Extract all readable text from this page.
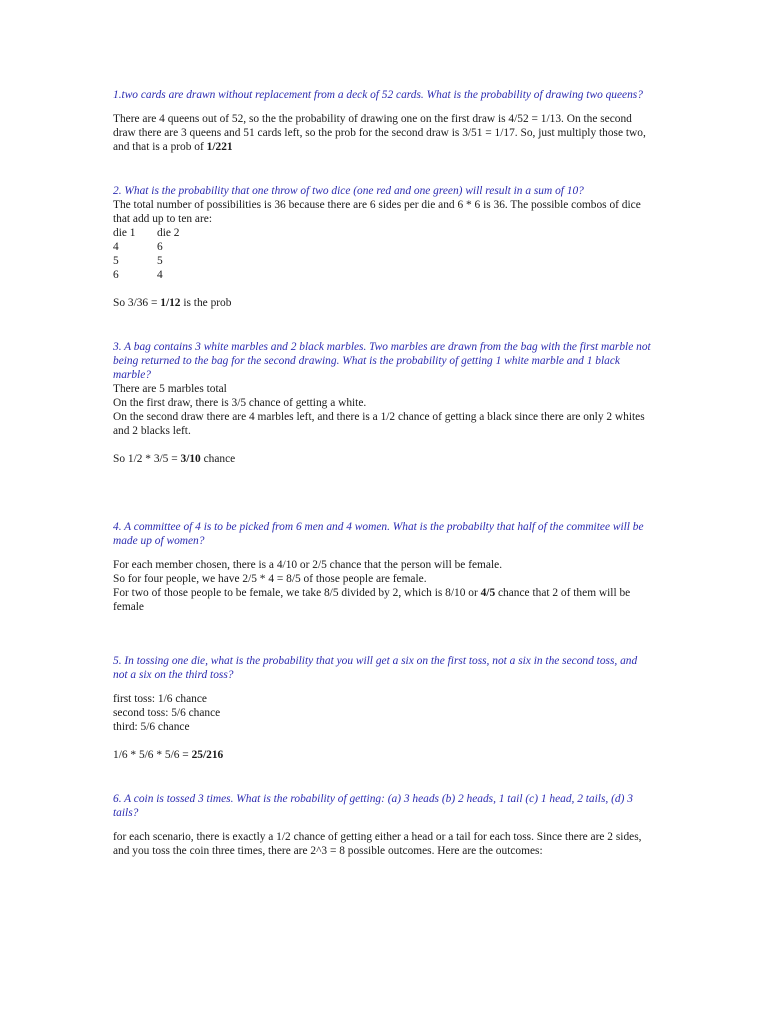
1.two cards are drawn without replacement from a deck of 52 cards. What is the probability of drawing two queens?

There are 4 queens out of 52, so the the probability of drawing one on the first draw is 4/52 = 1/13. On the second draw there are 3 queens and 51 cards left, so the prob for the second draw is 3/51 = 1/17. So, just multiply those two, and that is a prob of 1/221

2. What is the probability that one throw of two dice (one red and one green) will result in a sum of 10?

The total number of possibilities is 36 because there are 6 sides per die and 6 * 6 is 36. The possible combos of dice that add up to ten are:

die 1	die 2
4	6
5	5
6	4

So 3/36 = 1/12 is the prob

3. A bag contains 3 white marbles and 2 black marbles. Two marbles are drawn from the bag with the first marble not being returned to the bag for the second drawing. What is the probability of getting 1 white marble and 1 black marble?

There are 5 marbles total

On the first draw, there is 3/5 chance of getting a white.

On the second draw there are 4 marbles left, and there is a 1/2 chance of getting a black since there are only 2 whites and 2 blacks left.

So 1/2 * 3/5 = 3/10 chance

4. A committee of 4 is to be picked from 6 men and 4 women. What is the probabilty that half of the commitee will be made up of women?

For each member chosen, there is a 4/10 or 2/5 chance that the person will be female.

So for four people, we have 2/5 * 4 = 8/5 of those people are female.

For two of those people to be female, we take 8/5 divided by 2, which is 8/10 or 4/5 chance that 2 of them will be female

5. In tossing one die, what is the probability that you will get a six on the first toss, not a six in the second toss, and not a six on the third toss?

first toss: 1/6 chance

second toss: 5/6 chance

third: 5/6 chance

1/6 * 5/6 * 5/6 = 25/216

6. A coin is tossed 3 times. What is the robability of getting: (a) 3 heads (b) 2 heads, 1 tail (c) 1 head, 2 tails, (d) 3 tails?

for each scenario, there is exactly a 1/2 chance of getting either a head or a tail for each toss. Since there are 2 sides, and you toss the coin three times, there are 2^3 = 8 possible outcomes. Here are the outcomes:
